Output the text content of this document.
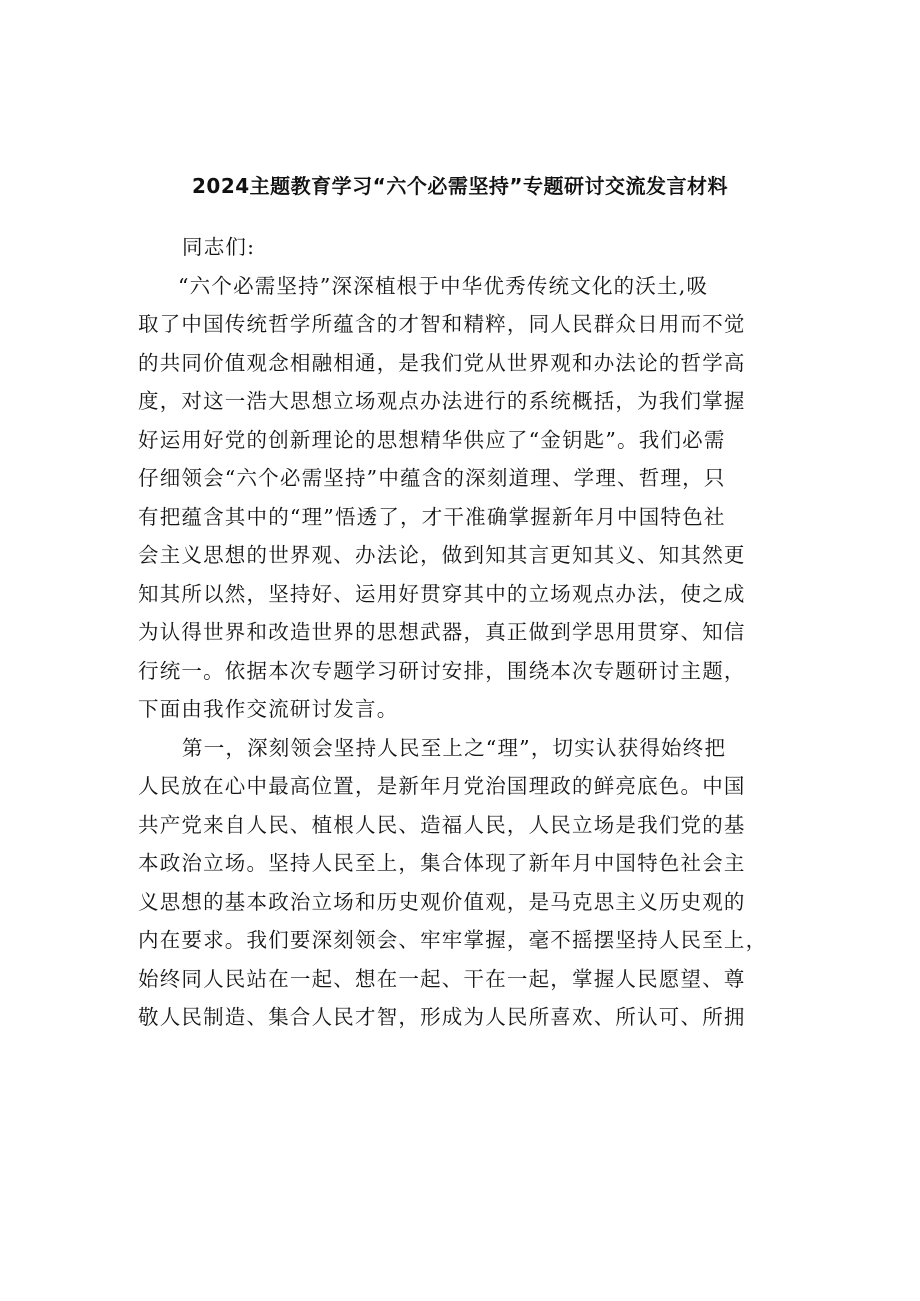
2024主题教育学习“六个必需坚持”专题研讨交流发言材料
同志们:
“六个必需坚持”深深植根于中华优秀传统文化的沃土,吸
取了中国传统哲学所蕴含的才智和精粹，同人民群众日用而不觉
的共同价值观念相融相通，是我们党从世界观和办法论的哲学高
度，对这一浩大思想立场观点办法进行的系统概括，为我们掌握
好运用好党的创新理论的思想精华供应了“金钥匙”。我们必需
仔细领会“六个必需坚持”中蕴含的深刻道理、学理、哲理，只
有把蕴含其中的“理”悟透了，才干准确掌握新年月中国特色社
会主义思想的世界观、办法论，做到知其言更知其义、知其然更
知其所以然，坚持好、运用好贯穿其中的立场观点办法，使之成
为认得世界和改造世界的思想武器，真正做到学思用贯穿、知信
行统一。依据本次专题学习研讨安排，围绕本次专题研讨主题，
下面由我作交流研讨发言。
第一，深刻领会坚持人民至上之“理”，切实认获得始终把
人民放在心中最高位置，是新年月党治国理政的鲜亮底色。中国
共产党来自人民、植根人民、造福人民，人民立场是我们党的基
本政治立场。坚持人民至上，集合体现了新年月中国特色社会主
义思想的基本政治立场和历史观价值观，是马克思主义历史观的
内在要求。我们要深刻领会、牢牢掌握，毫不摇摆坚持人民至上，
始终同人民站在一起、想在一起、干在一起，掌握人民愿望、尊
敬人民制造、集合人民才智，形成为人民所喜欢、所认可、所拥
